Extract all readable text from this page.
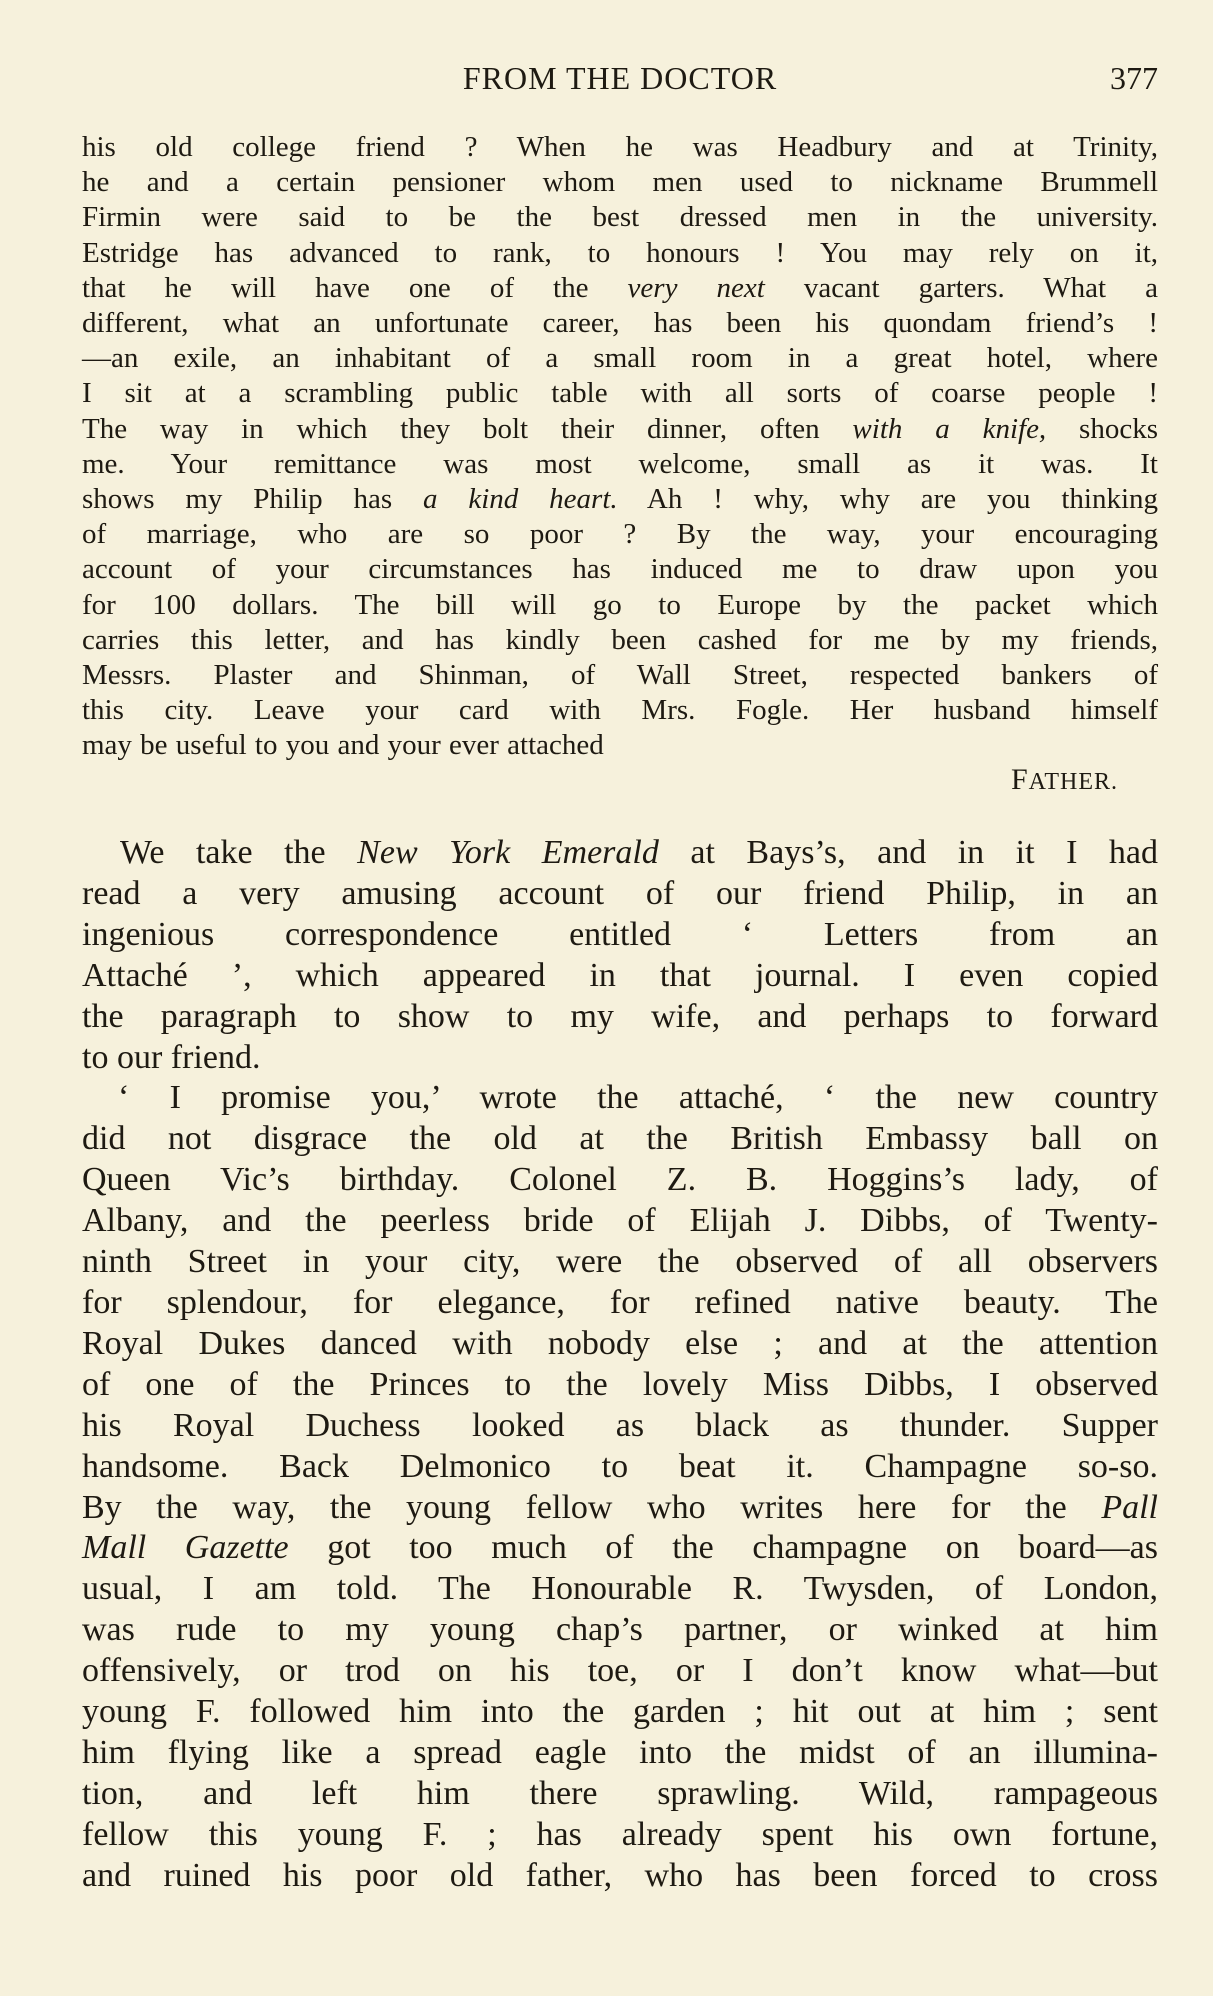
FROM THE DOCTOR	377
his old college friend ? When he was Headbury and at Trinity,
he and a certain pensioner whom men used to nickname Brummell
Firmin were said to be the best dressed men in the university.
Estridge has advanced to rank, to honours ! You may rely on it,
that he will have one of the very next vacant garters. What a
different, what an unfortunate career, has been his quondam friend’s !
—an exile, an inhabitant of a small room in a great hotel, where
I sit at a scrambling public table with all sorts of coarse people !
The way in which they bolt their dinner, often with a knife, shocks
me. Your remittance was most welcome, small as it was. It
shows my Philip has a kind heart. Ah ! why, why are you thinking
of marriage, who are so poor ? By the way, your encouraging
account of your circumstances has induced me to draw upon you
for 100 dollars. The bill will go to Europe by the packet which
carries this letter, and has kindly been cashed for me by my friends,
Messrs. Plaster and Shinman, of Wall Street, respected bankers of
this city. Leave your card with Mrs. Fogle. Her husband himself
may be useful to you and your ever attached
FATHER.
We take the New York Emerald at Bays’s, and in it I had
read a very amusing account of our friend Philip, in an
ingenious correspondence entitled ‘ Letters from an
Attaché ’, which appeared in that journal. I even copied
the paragraph to show to my wife, and perhaps to forward
to our friend.
‘ I promise you,’ wrote the attaché, ‘ the new country
did not disgrace the old at the British Embassy ball on
Queen Vic’s birthday. Colonel Z. B. Hoggins’s lady, of
Albany, and the peerless bride of Elijah J. Dibbs, of Twenty-
ninth Street in your city, were the observed of all observers
for splendour, for elegance, for refined native beauty. The
Royal Dukes danced with nobody else ; and at the attention
of one of the Princes to the lovely Miss Dibbs, I observed
his Royal Duchess looked as black as thunder. Supper
handsome. Back Delmonico to beat it. Champagne so-so.
By the way, the young fellow who writes here for the Pall
Mall Gazette got too much of the champagne on board—as
usual, I am told. The Honourable R. Twysden, of London,
was rude to my young chap’s partner, or winked at him
offensively, or trod on his toe, or I don’t know what—but
young F. followed him into the garden ; hit out at him ; sent
him flying like a spread eagle into the midst of an illumina-
tion, and left him there sprawling. Wild, rampageous
fellow this young F. ; has already spent his own fortune,
and ruined his poor old father, who has been forced to cross
